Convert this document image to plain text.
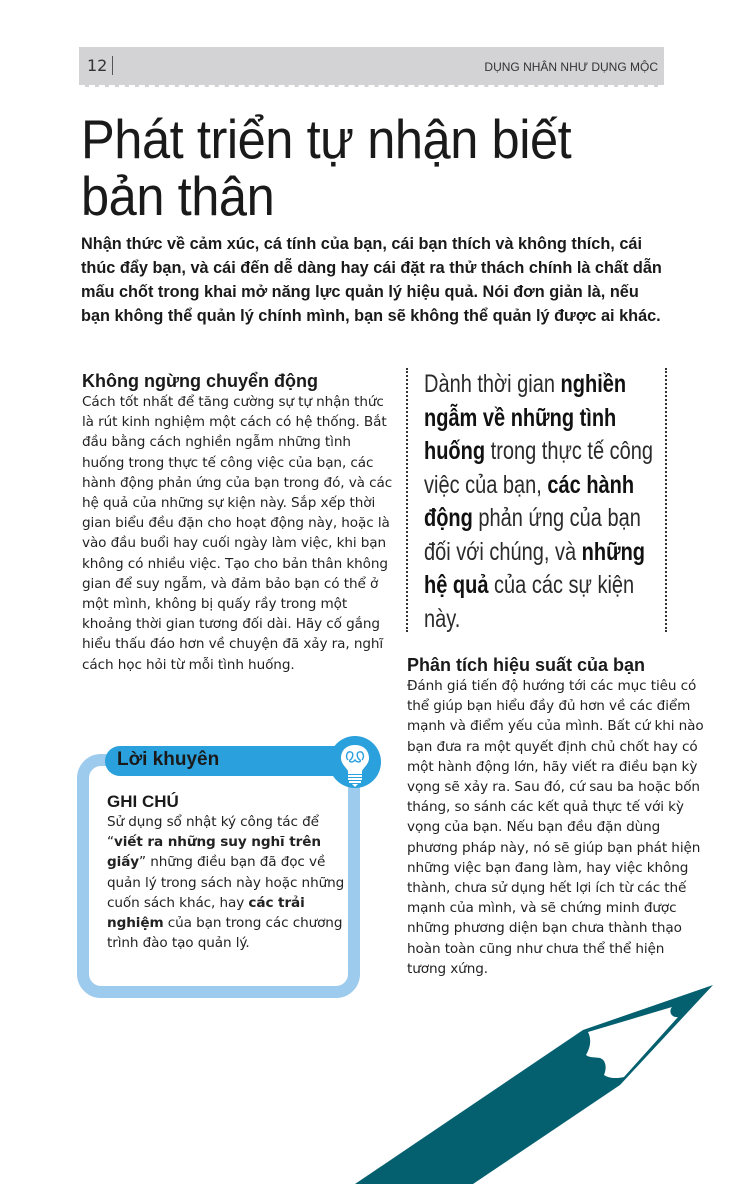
12	DỤNG NHÂN NHƯ DỤNG MỘC
Phát triển tự nhận biết
bản thân

Nhận thức về cảm xúc, cá tính của bạn, cái bạn thích và không thích, cái thúc đẩy bạn, và cái đến dễ dàng hay cái đặt ra thử thách chính là chất dẫn mấu chốt trong khai mở năng lực quản lý hiệu quả. Nói đơn giản là, nếu bạn không thể quản lý chính mình, bạn sẽ không thể quản lý được ai khác.

Không ngừng chuyển động

Cách tốt nhất để tăng cường sự tự nhận thức là rút kinh nghiệm một cách có hệ thống. Bắt đầu bằng cách nghiền ngẫm những tình huống trong thực tế công việc của bạn, các hành động phản ứng của bạn trong đó, và các hệ quả của những sự kiện này. Sắp xếp thời gian biểu đều đặn cho hoạt động này, hoặc là vào đầu buổi hay cuối ngày làm việc, khi bạn không có nhiều việc. Tạo cho bản thân không gian để suy ngẫm, và đảm bảo bạn có thể ở một mình, không bị quấy rầy trong một khoảng thời gian tương đối dài. Hãy cố gắng hiểu thấu đáo hơn về chuyện đã xảy ra, nghĩ cách học hỏi từ mỗi tình huống.

Dành thời gian nghiền ngẫm về những tình huống trong thực tế công việc của bạn, các hành động phản ứng của bạn đối với chúng, và những hệ quả của các sự kiện này.
Phân tích hiệu suất của bạn

Đánh giá tiến độ hướng tới các mục tiêu có thể giúp bạn hiểu đầy đủ hơn về các điểm mạnh và điểm yếu của mình. Bất cứ khi nào bạn đưa ra một quyết định chủ chốt hay có một hành động lớn, hãy viết ra điều bạn kỳ vọng sẽ xảy ra. Sau đó, cứ sau ba hoặc bốn tháng, so sánh các kết quả thực tế với kỳ vọng của bạn. Nếu bạn đều đặn dùng phương pháp này, nó sẽ giúp bạn phát hiện những việc bạn đang làm, hay việc không thành, chưa sử dụng hết lợi ích từ các thế mạnh của mình, và sẽ chứng minh được những phương diện bạn chưa thành thạo hoàn toàn cũng như chưa thể thể hiện tương xứng.

Lời khuyên
GHI CHÚ

Sử dụng sổ nhật ký công tác để “viết ra những suy nghĩ trên giấy” những điều bạn đã đọc về quản lý trong sách này hoặc những cuốn sách khác, hay các trải nghiệm của bạn trong các chương trình đào tạo quản lý.
